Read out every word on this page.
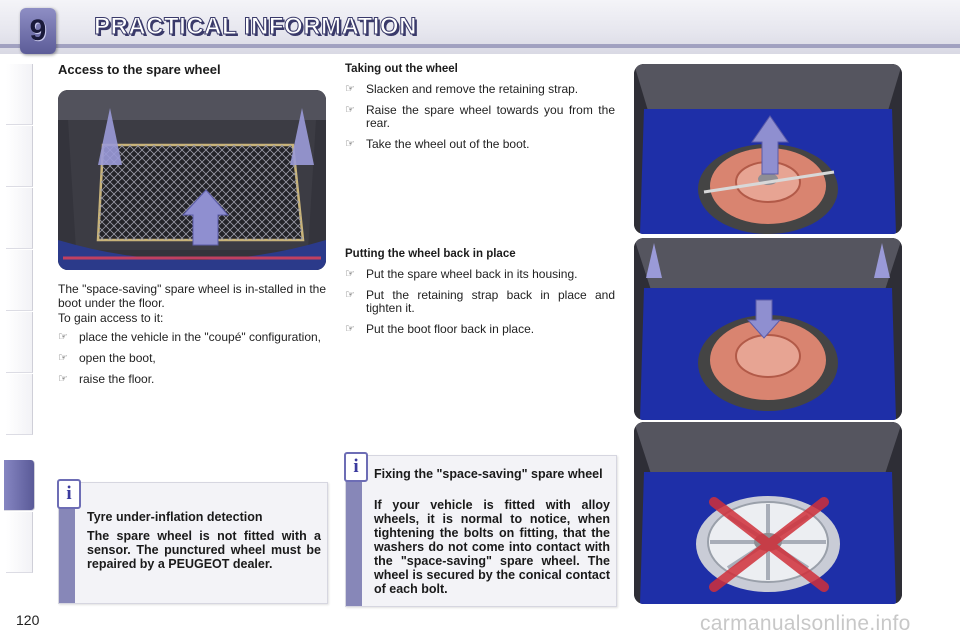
9 PRACTICAL INFORMATION
Access to the spare wheel
The "space-saving" spare wheel is in-stalled in the boot under the floor.
To gain access to it:
☞ place the vehicle in the "coupé" configuration,
☞ open the boot,
☞ raise the floor.
i
Tyre under-inflation detection
The spare wheel is not fitted with a sensor. The punctured wheel must be repaired by a PEUGEOT dealer.
Taking out the wheel
☞ Slacken and remove the retaining strap.
☞ Raise the spare wheel towards you from the rear.
☞ Take the wheel out of the boot.
Putting the wheel back in place
☞ Put the spare wheel back in its housing.
☞ Put the retaining strap back in place and tighten it.
☞ Put the boot floor back in place.
i	Fixing the "space-saving" spare wheel
If your vehicle is fitted with alloy wheels, it is normal to notice, when tightening the bolts on fitting, that the washers do not come into contact with the "space-saving" spare wheel. The wheel is secured by the conical contact of each bolt.
120	carmanualsonline.info
